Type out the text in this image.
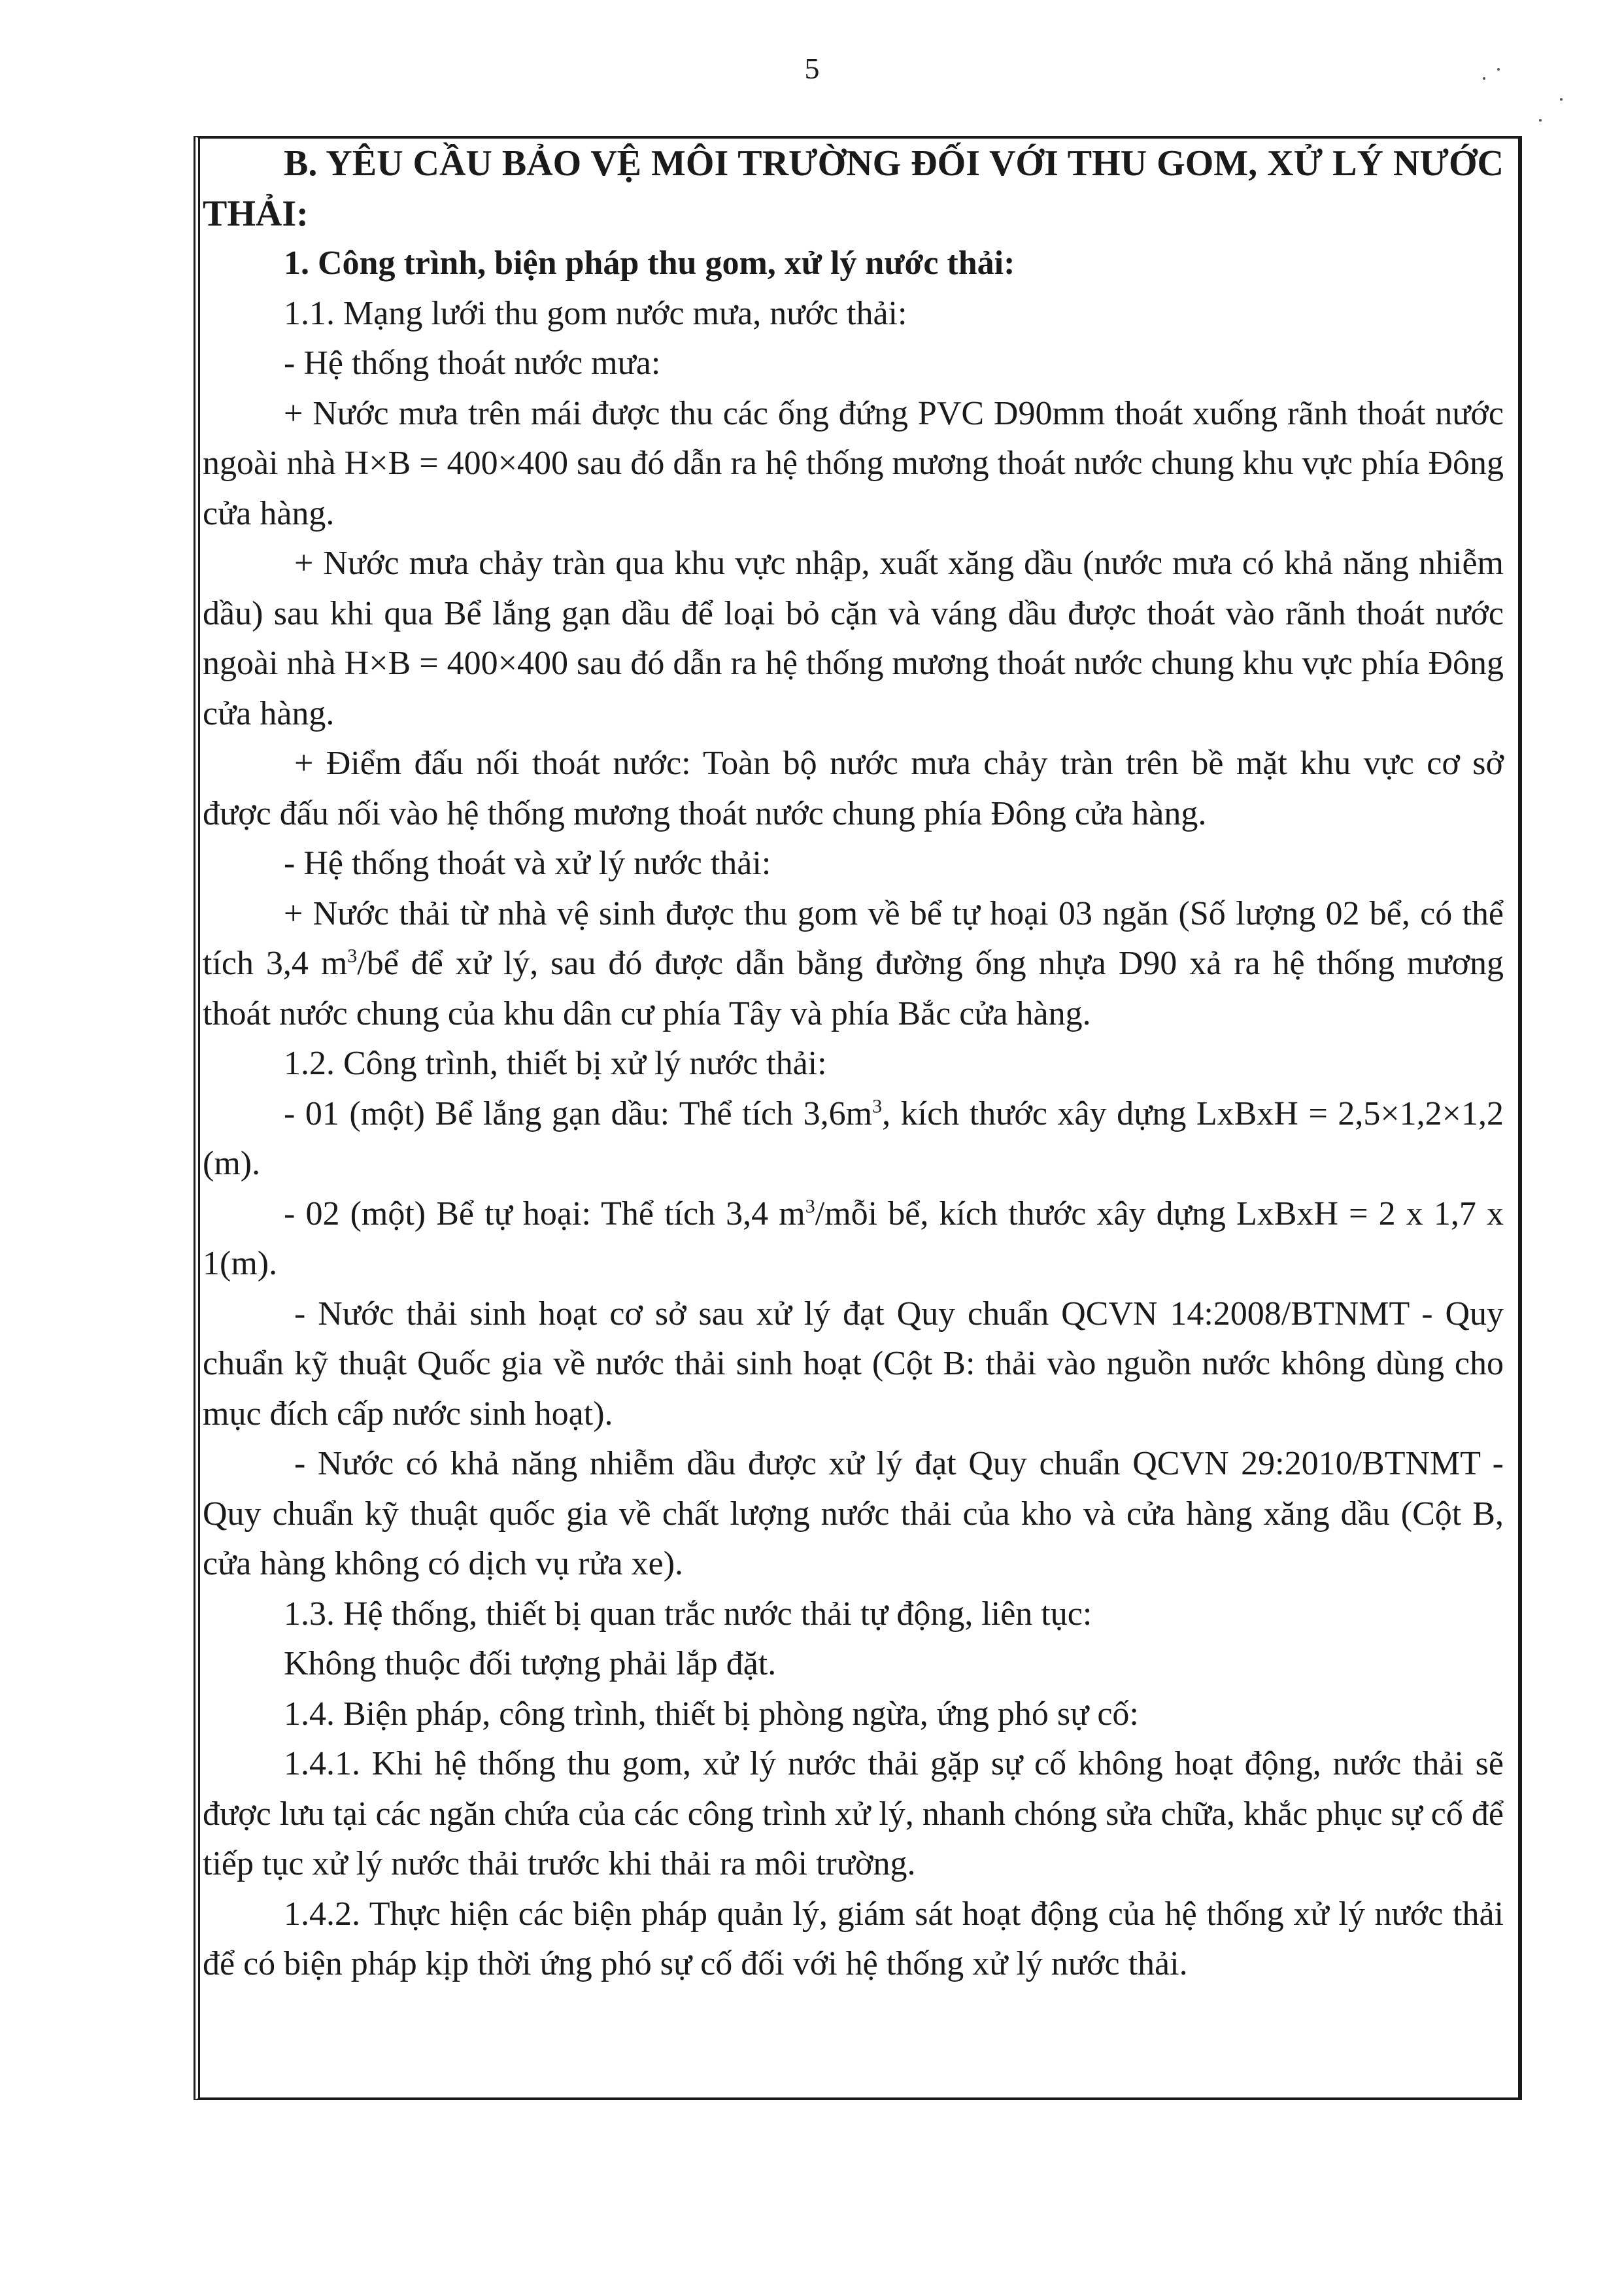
5

B. YÊU CẦU BẢO VỆ MÔI TRƯỜNG ĐỐI VỚI THU GOM, XỬ LÝ NƯỚC THẢI:

1. Công trình, biện pháp thu gom, xử lý nước thải:

1.1. Mạng lưới thu gom nước mưa, nước thải:

- Hệ thống thoát nước mưa:

+ Nước mưa trên mái được thu các ống đứng PVC D90mm thoát xuống rãnh thoát nước ngoài nhà H×B = 400×400 sau đó dẫn ra hệ thống mương thoát nước chung khu vực phía Đông cửa hàng.

+ Nước mưa chảy tràn qua khu vực nhập, xuất xăng dầu (nước mưa có khả năng nhiễm dầu) sau khi qua Bể lắng gạn dầu để loại bỏ cặn và váng dầu được thoát vào rãnh thoát nước ngoài nhà H×B = 400×400 sau đó dẫn ra hệ thống mương thoát nước chung khu vực phía Đông cửa hàng.

+ Điểm đấu nối thoát nước: Toàn bộ nước mưa chảy tràn trên bề mặt khu vực cơ sở được đấu nối vào hệ thống mương thoát nước chung phía Đông cửa hàng.

- Hệ thống thoát và xử lý nước thải:

+ Nước thải từ nhà vệ sinh được thu gom về bể tự hoại 03 ngăn (Số lượng 02 bể, có thể tích 3,4 $m^3/bể$ để xử lý, sau đó được dẫn bằng đường ống nhựa D90 xả ra hệ thống mương thoát nước chung của khu dân cư phía Tây và phía Bắc cửa hàng.

1.2. Công trình, thiết bị xử lý nước thải:

- 01 (một) Bể lắng gạn dầu: Thể tích $3,6m^3$, kích thước xây dựng LxBxH = 2,5×1,2×1,2 (m).

- 02 (một) Bể tự hoại: Thể tích 3,4 $m^3$/mỗi bể, kích thước xây dựng LxBxH = 2 x 1,7 x 1(m).

- Nước thải sinh hoạt cơ sở sau xử lý đạt Quy chuẩn QCVN 14:2008/BTNMT - Quy chuẩn kỹ thuật Quốc gia về nước thải sinh hoạt (Cột B: thải vào nguồn nước không dùng cho mục đích cấp nước sinh hoạt).

- Nước có khả năng nhiễm dầu được xử lý đạt Quy chuẩn QCVN 29:2010/BTNMT - Quy chuẩn kỹ thuật quốc gia về chất lượng nước thải của kho và cửa hàng xăng dầu (Cột B, cửa hàng không có dịch vụ rửa xe).

1.3. Hệ thống, thiết bị quan trắc nước thải tự động, liên tục:

Không thuộc đối tượng phải lắp đặt.

1.4. Biện pháp, công trình, thiết bị phòng ngừa, ứng phó sự cố:

1.4.1. Khi hệ thống thu gom, xử lý nước thải gặp sự cố không hoạt động, nước thải sẽ được lưu tại các ngăn chứa của các công trình xử lý, nhanh chóng sửa chữa, khắc phục sự cố để tiếp tục xử lý nước thải trước khi thải ra môi trường.

1.4.2. Thực hiện các biện pháp quản lý, giám sát hoạt động của hệ thống xử lý nước thải để có biện pháp kịp thời ứng phó sự cố đối với hệ thống xử lý nước thải.
